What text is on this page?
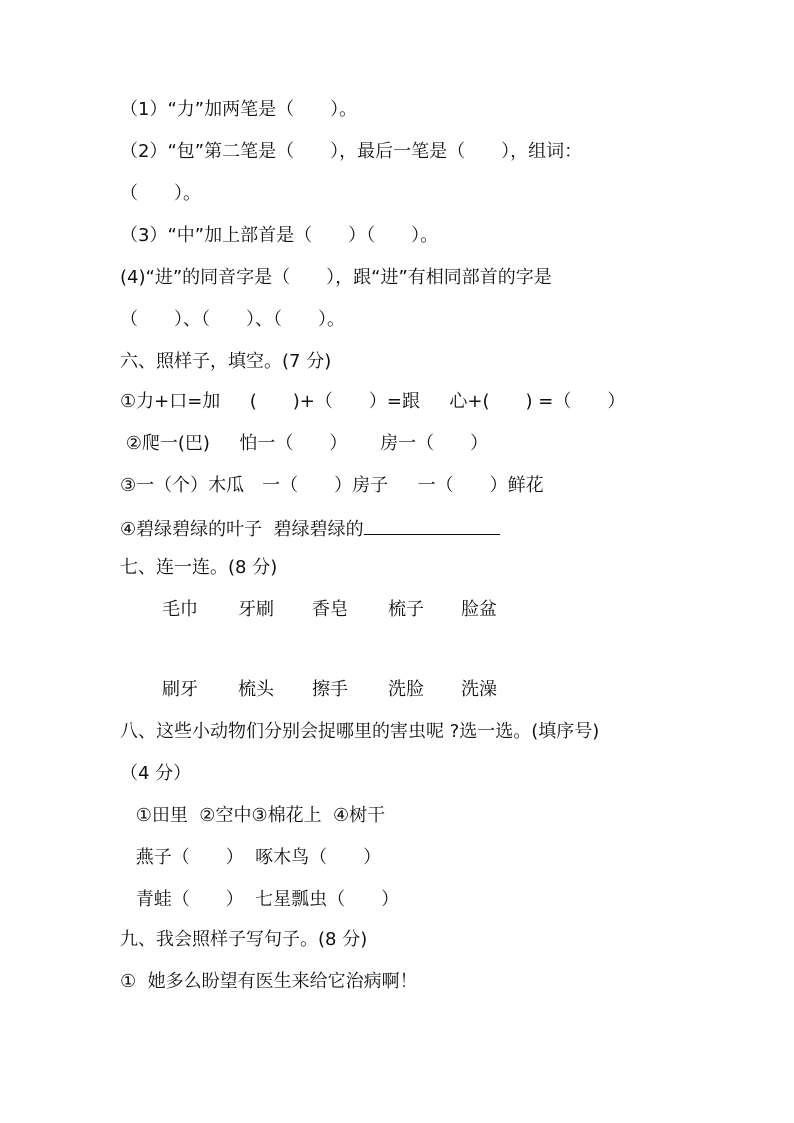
（1）“力”加两笔是（　　）。
（2）“包”第二笔是（　　），最后一笔是（　　），组词：
（　　）。
（3）“中”加上部首是（　　）（　　）。
(4)“进”的同音字是（　　），跟“进”有相同部首的字是
（　　）、（　　）、（　　）。
六、照样子，填空。(7 分)
①力+口=加　  (　　)+（　　）=跟　  心+(　　) =（　　）
②爬一(巴)　  怕一（　　）　　 房一（　　）
③一（个）木瓜　一（　　）房子　  一（　　）鲜花
④碧绿碧绿的叶子  碧绿碧绿的
七、连一连。(8 分)
毛巾 牙刷 香皂 梳子 脸盆
刷牙 梳头 擦手 洗脸 洗澡
八、这些小动物们分别会捉哪里的害虫呢 ?选一选。(填序号)
（4 分）
①田里  ②空中③棉花上  ④树干
燕子（　　）  啄木鸟（　　）
青蛙（　　）  七星瓢虫（　　）
九、我会照样子写句子。(8 分)
①  她多么盼望有医生来给它治病啊！
